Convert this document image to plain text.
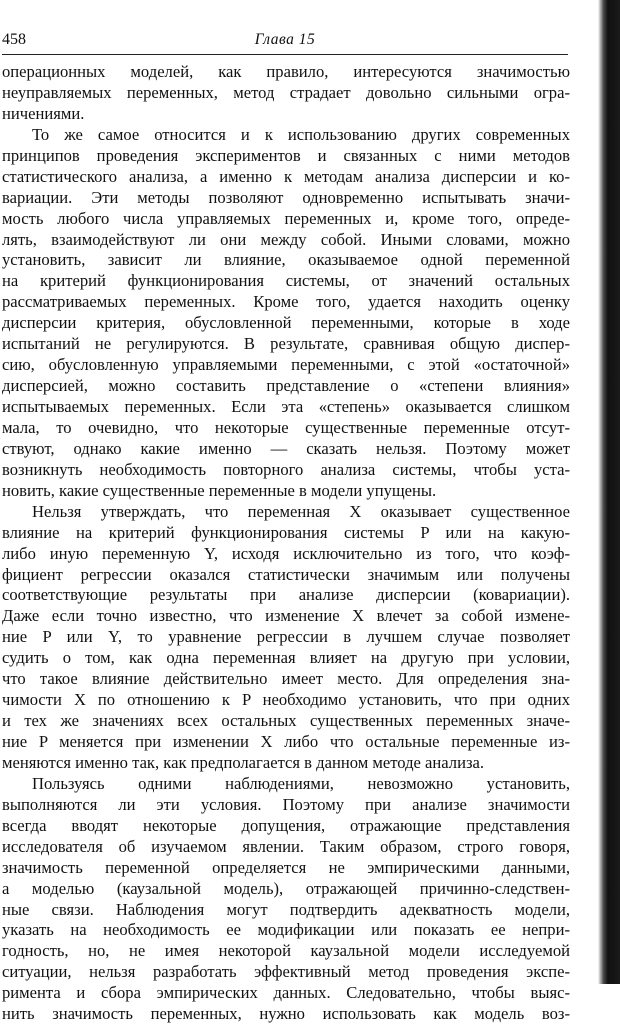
458	Глава 15
операционных моделей, как правило, интересуются значимостью
неуправляемых переменных, метод страдает довольно сильными огра-
ничениями.
То же самое относится и к использованию других современных
принципов проведения экспериментов и связанных с ними методов
статистического анализа, а именно к методам анализа дисперсии и ко-
вариации. Эти методы позволяют одновременно испытывать значи-
мость любого числа управляемых переменных и, кроме того, опреде-
лять, взаимодействуют ли они между собой. Иными словами, можно
установить, зависит ли влияние, оказываемое одной переменной
на критерий функционирования системы, от значений остальных
рассматриваемых переменных. Кроме того, удается находить оценку
дисперсии критерия, обусловленной переменными, которые в ходе
испытаний не регулируются. В результате, сравнивая общую диспер-
сию, обусловленную управляемыми переменными, с этой «остаточной»
дисперсией, можно составить представление о «степени влияния»
испытываемых переменных. Если эта «степень» оказывается слишком
мала, то очевидно, что некоторые существенные переменные отсут-
ствуют, однако какие именно — сказать нельзя. Поэтому может
возникнуть необходимость повторного анализа системы, чтобы уста-
новить, какие существенные переменные в модели упущены.
Нельзя утверждать, что переменная X оказывает существенное
влияние на критерий функционирования системы P или на какую-
либо иную переменную Y, исходя исключительно из того, что коэф-
фициент регрессии оказался статистически значимым или получены
соответствующие результаты при анализе дисперсии (ковариации).
Даже если точно известно, что изменение X влечет за собой измене-
ние P или Y, то уравнение регрессии в лучшем случае позволяет
судить о том, как одна переменная влияет на другую при условии,
что такое влияние действительно имеет место. Для определения зна-
чимости X по отношению к P необходимо установить, что при одних
и тех же значениях всех остальных существенных переменных значе-
ние P меняется при изменении X либо что остальные переменные из-
меняются именно так, как предполагается в данном методе анализа.
Пользуясь одними наблюдениями, невозможно установить,
выполняются ли эти условия. Поэтому при анализе значимости
всегда вводят некоторые допущения, отражающие представления
исследователя об изучаемом явлении. Таким образом, строго говоря,
значимость переменной определяется не эмпирическими данными,
а моделью (каузальной модель), отражающей причинно-следствен-
ные связи. Наблюдения могут подтвердить адекватность модели,
указать на необходимость ее модификации или показать ее непри-
годность, но, не имея некоторой каузальной модели исследуемой
ситуации, нельзя разработать эффективный метод проведения экспе-
римента и сбора эмпирических данных. Следовательно, чтобы выяс-
нить значимость переменных, нужно использовать как модель воз-
